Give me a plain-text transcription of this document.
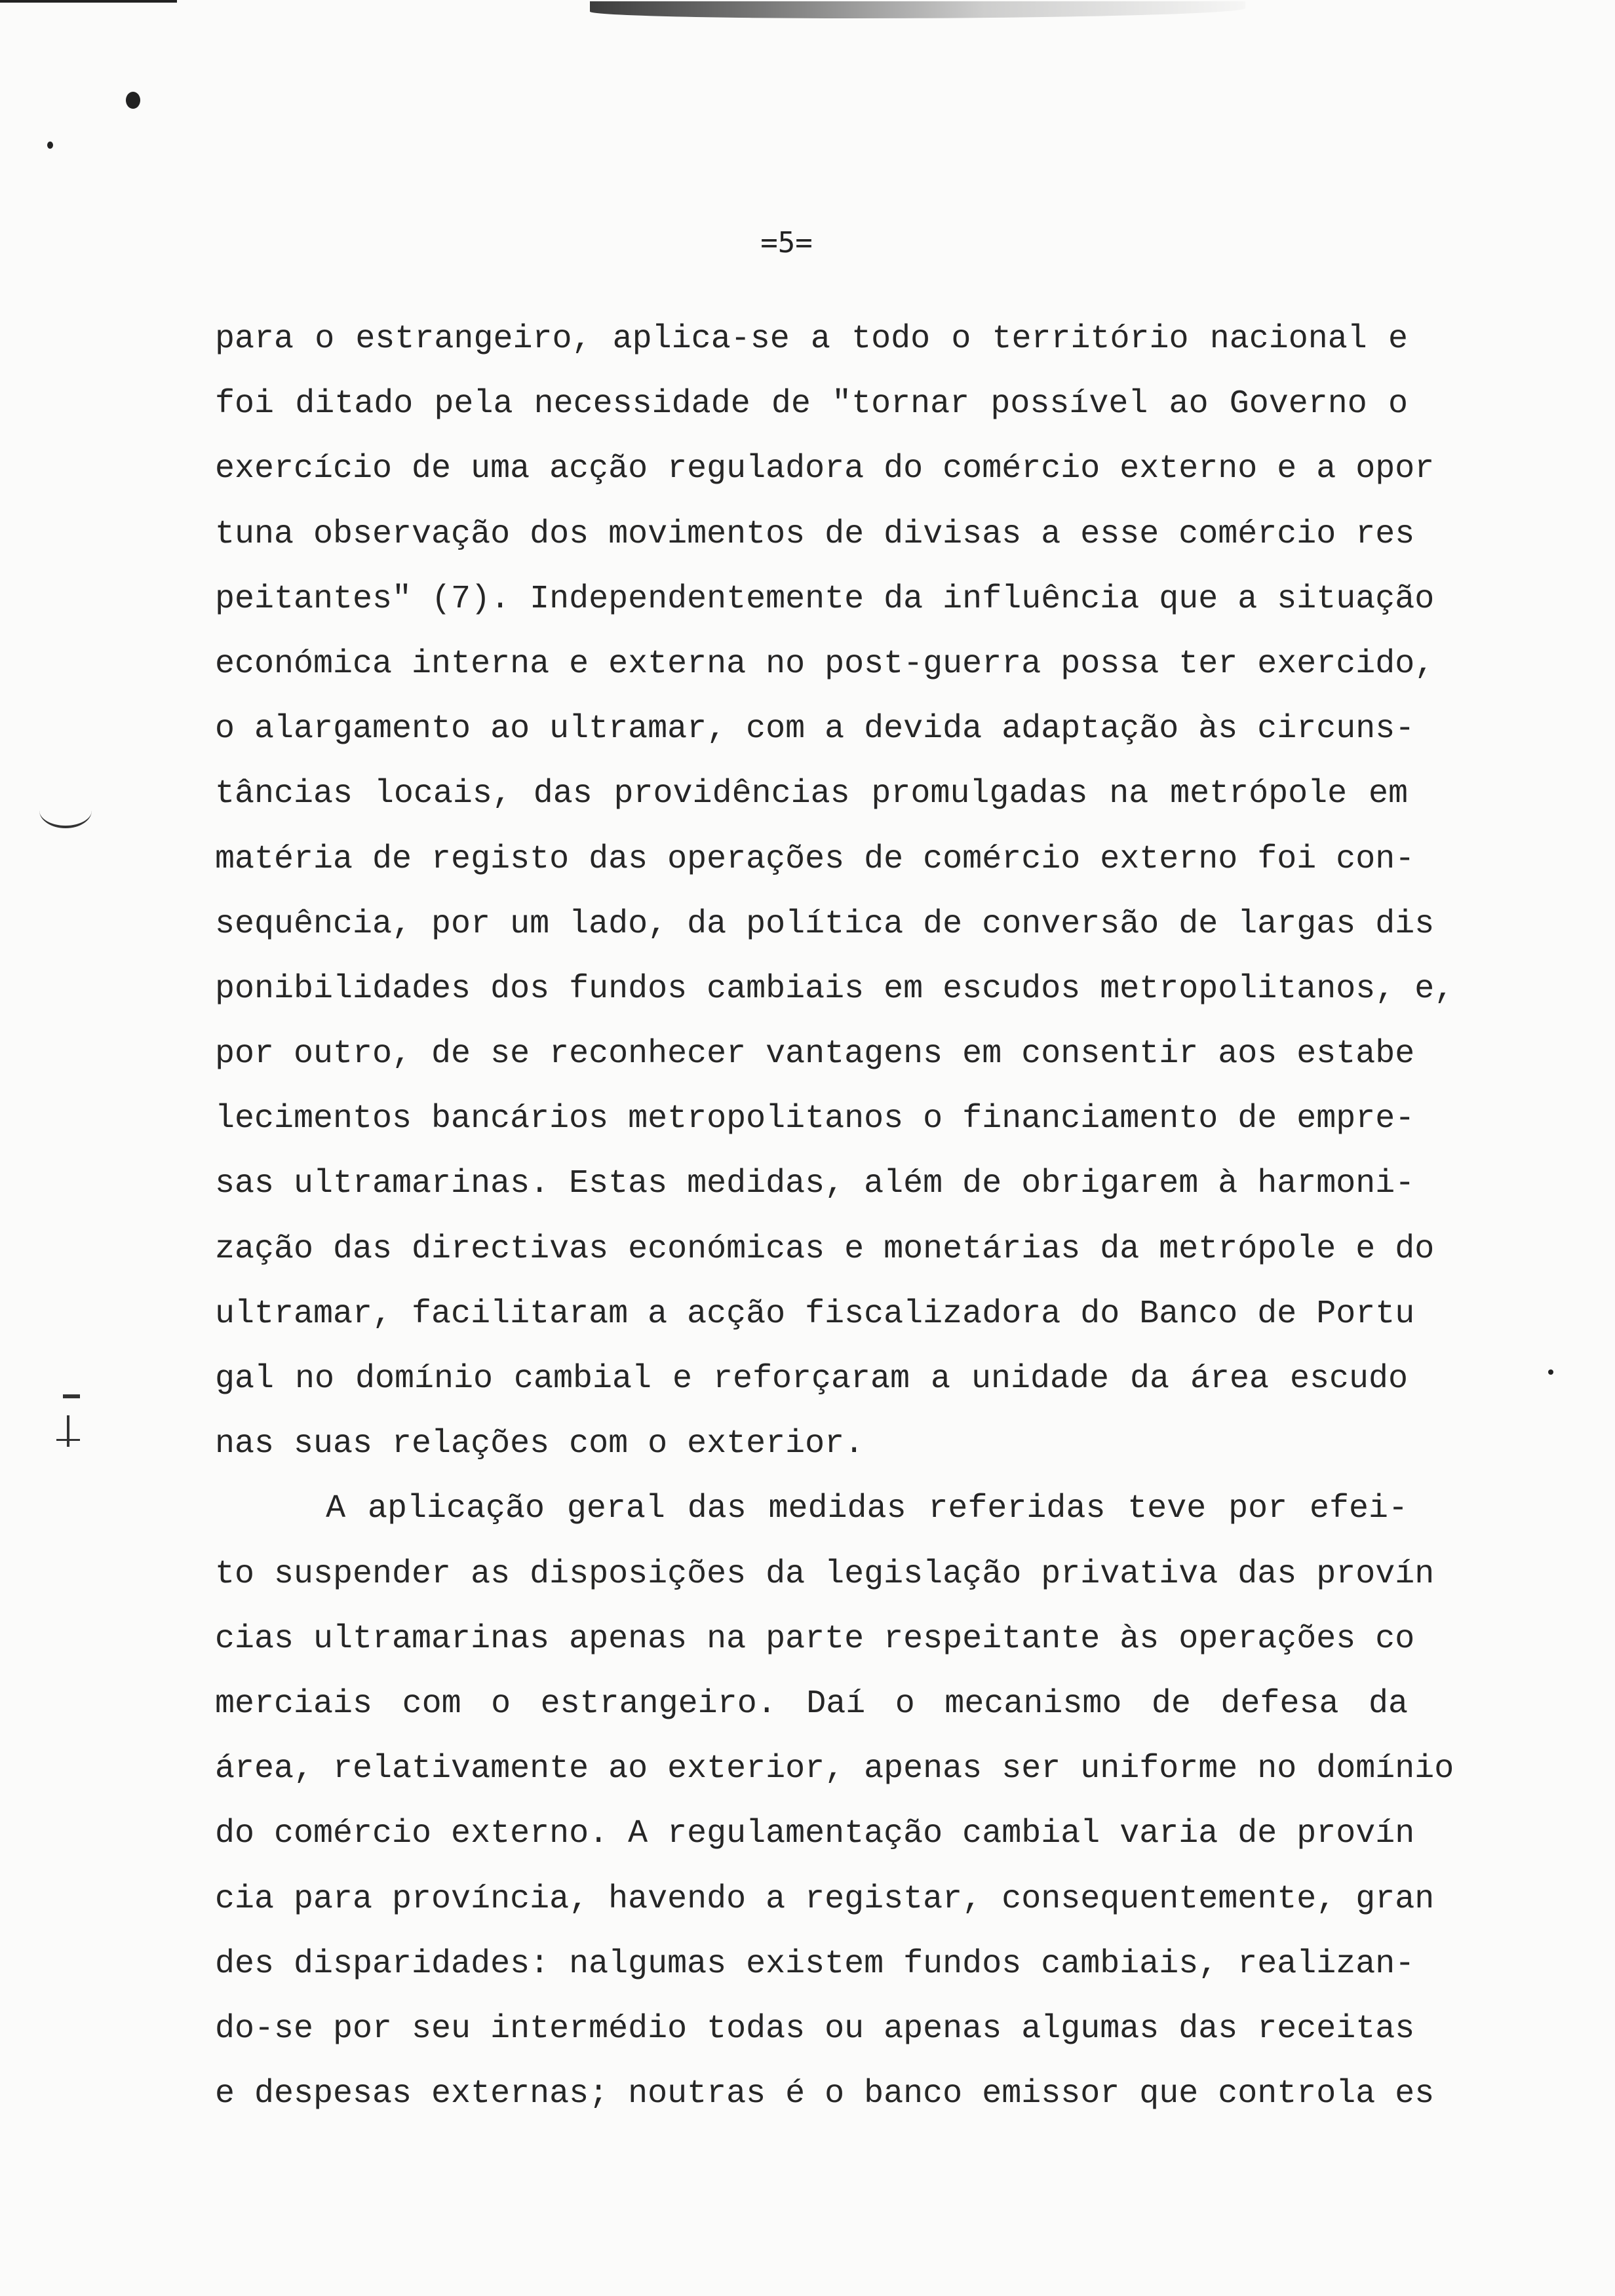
=5=
para o estrangeiro, aplica-se a todo o território nacional e
foi ditado pela necessidade de "tornar possível ao Governo o
exercício de uma acção reguladora do comércio externo e a opor
tuna observação dos movimentos de divisas a esse comércio res
peitantes" (7). Independentemente da influência que a situação
económica interna e externa no post-guerra possa ter exercido,
o alargamento ao ultramar, com a devida adaptação às circuns-
tâncias locais, das providências promulgadas na metrópole em
matéria de registo das operações de comércio externo foi con-
sequência, por um lado, da política de conversão de largas dis
ponibilidades dos fundos cambiais em escudos metropolitanos, e,
por outro, de se reconhecer vantagens em consentir aos estabe
lecimentos bancários metropolitanos o financiamento de empre-
sas ultramarinas. Estas medidas, além de obrigarem à harmoni-
zação das directivas económicas e monetárias da metrópole e do
ultramar, facilitaram a acção fiscalizadora do Banco de Portu
gal no domínio cambial e reforçaram a unidade da área escudo
nas suas relações com o exterior.
A aplicação geral das medidas referidas teve por efei-
to suspender as disposições da legislação privativa das provín
cias ultramarinas apenas na parte respeitante às operações co
merciais com o estrangeiro. Daí o mecanismo de defesa da
área, relativamente ao exterior, apenas ser uniforme no domínio
do comércio externo. A regulamentação cambial varia de provín
cia para província, havendo a registar, consequentemente, gran
des disparidades: nalgumas existem fundos cambiais, realizan-
do-se por seu intermédio todas ou apenas algumas das receitas
e despesas externas; noutras é o banco emissor que controla es
